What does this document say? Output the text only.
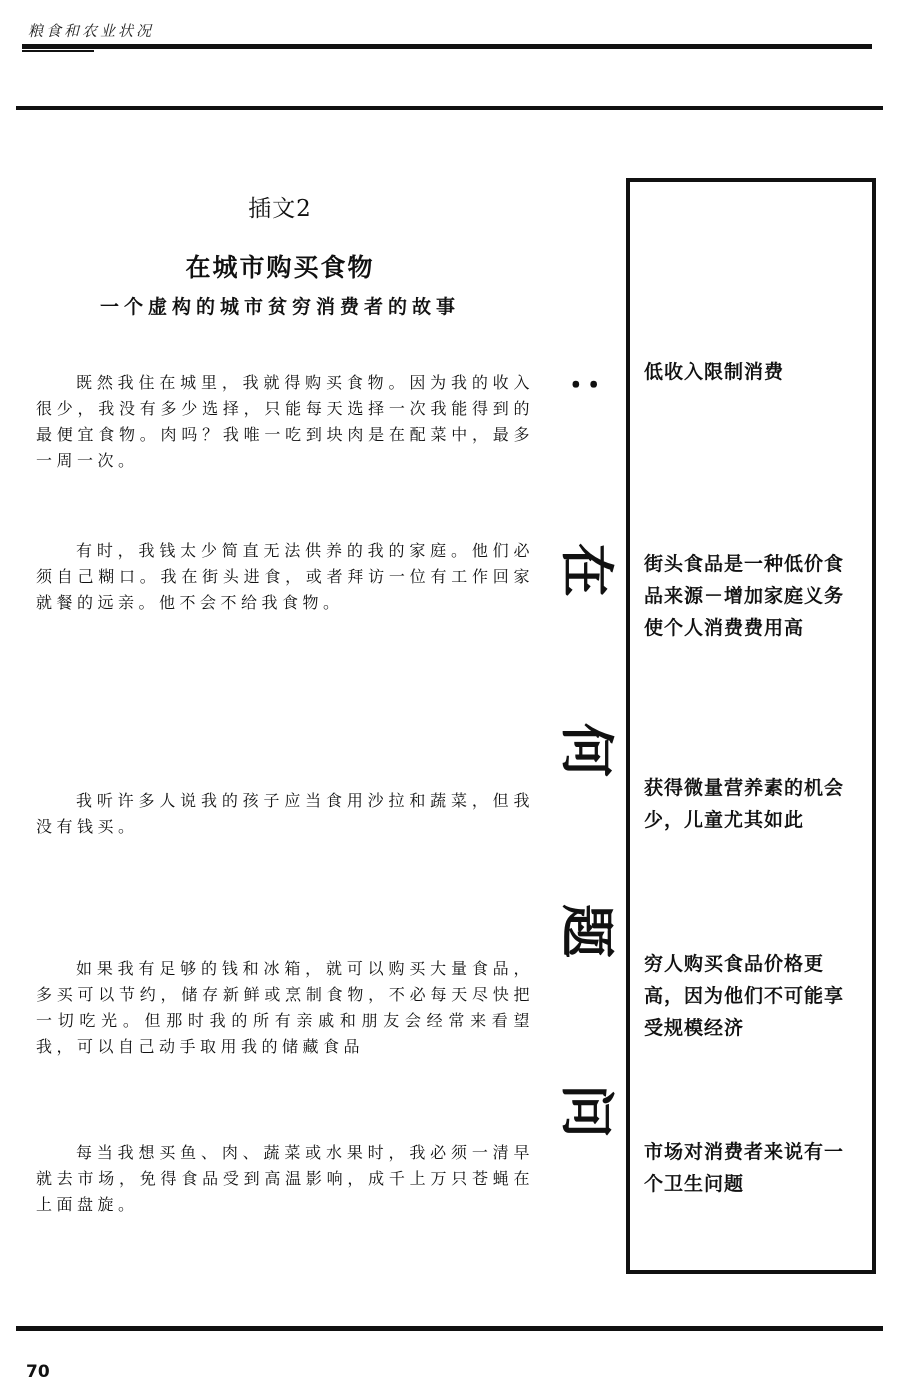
粮食和农业状况
插文2
在城市购买食物
一个虚构的城市贫穷消费者的故事

既然我住在城里，我就得购买食物。因为我的收入很少，我没有多少选择，只能每天选择一次我能得到的最便宜食物。肉吗？我唯一吃到块肉是在配菜中，最多一周一次。

有时，我钱太少简直无法供养的我的家庭。他们必须自己糊口。我在街头进食，或者拜访一位有工作回家就餐的远亲。他不会不给我食物。

我听许多人说我的孩子应当食用沙拉和蔬菜，但我没有钱买。

如果我有足够的钱和冰箱，就可以购买大量食品，多买可以节约，储存新鲜或烹制食物，不必每天尽快把一切吃光。但那时我的所有亲戚和朋友会经常来看望我，可以自己动手取用我的储藏食品

每当我想买鱼、肉、蔬菜或水果时，我必须一清早就去市场，免得食品受到高温影响，成千上万只苍蝇在上面盘旋。

：
在
何
题
问

低收入限制消费

街头食品是一种低价食品来源－增加家庭义务使个人消费费用高

获得微量营养素的机会少，儿童尤其如此

穷人购买食品价格更高，因为他们不可能享受规模经济

市场对消费者来说有一个卫生问题

70
